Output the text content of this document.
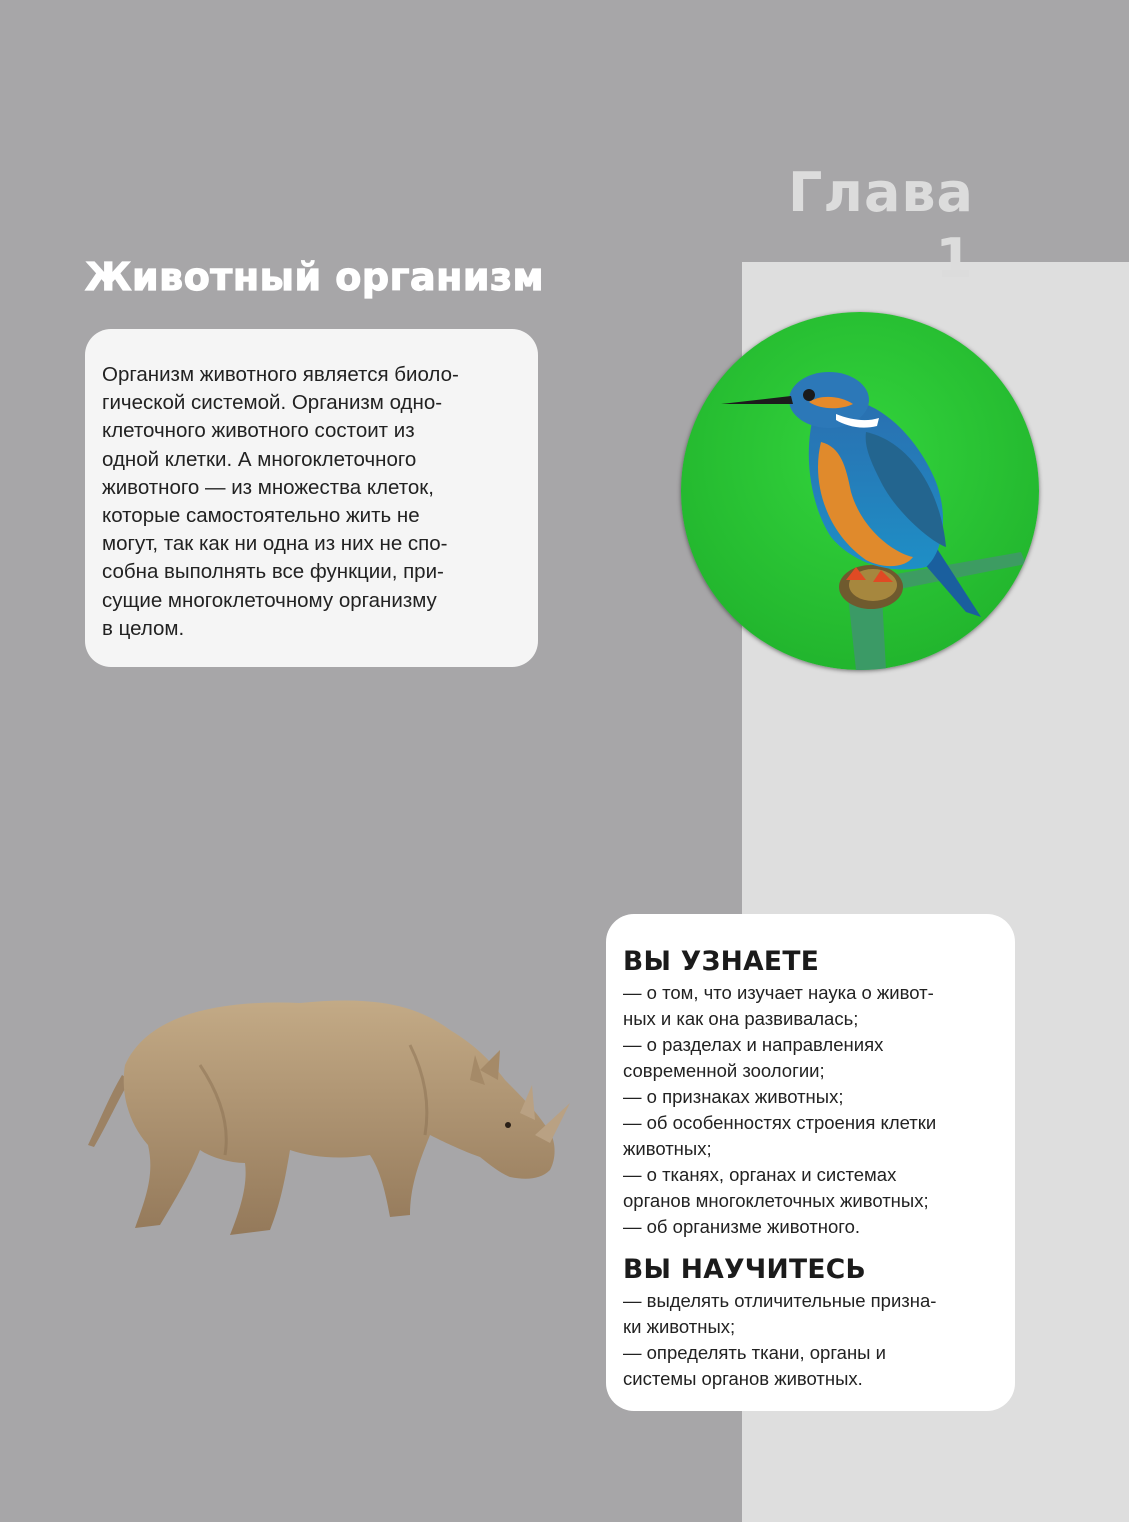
Глава 1
Животный организм

Организм животного является биоло-

гической системой. Организм одно-

клеточного животного состоит из

одной клетки. А многоклеточного

животного — из множества клеток,

которые самостоятельно жить не

могут, так как ни одна из них не спо-

собна выполнять все функции, при-

сущие многоклеточному организму

в целом.

ВЫ УЗНАЕТЕ
— о том, что изучает наука о живот-
ных и как она развивалась;
— о разделах и направлениях
современной зоологии;
— о признаках животных;
— об особенностях строения клетки
животных;
— о тканях, органах и системах
органов многоклеточных животных;
— об организме животного.
ВЫ НАУЧИТЕСЬ
— выделять отличительные призна-
ки животных;
— определять ткани, органы и
системы органов животных.
